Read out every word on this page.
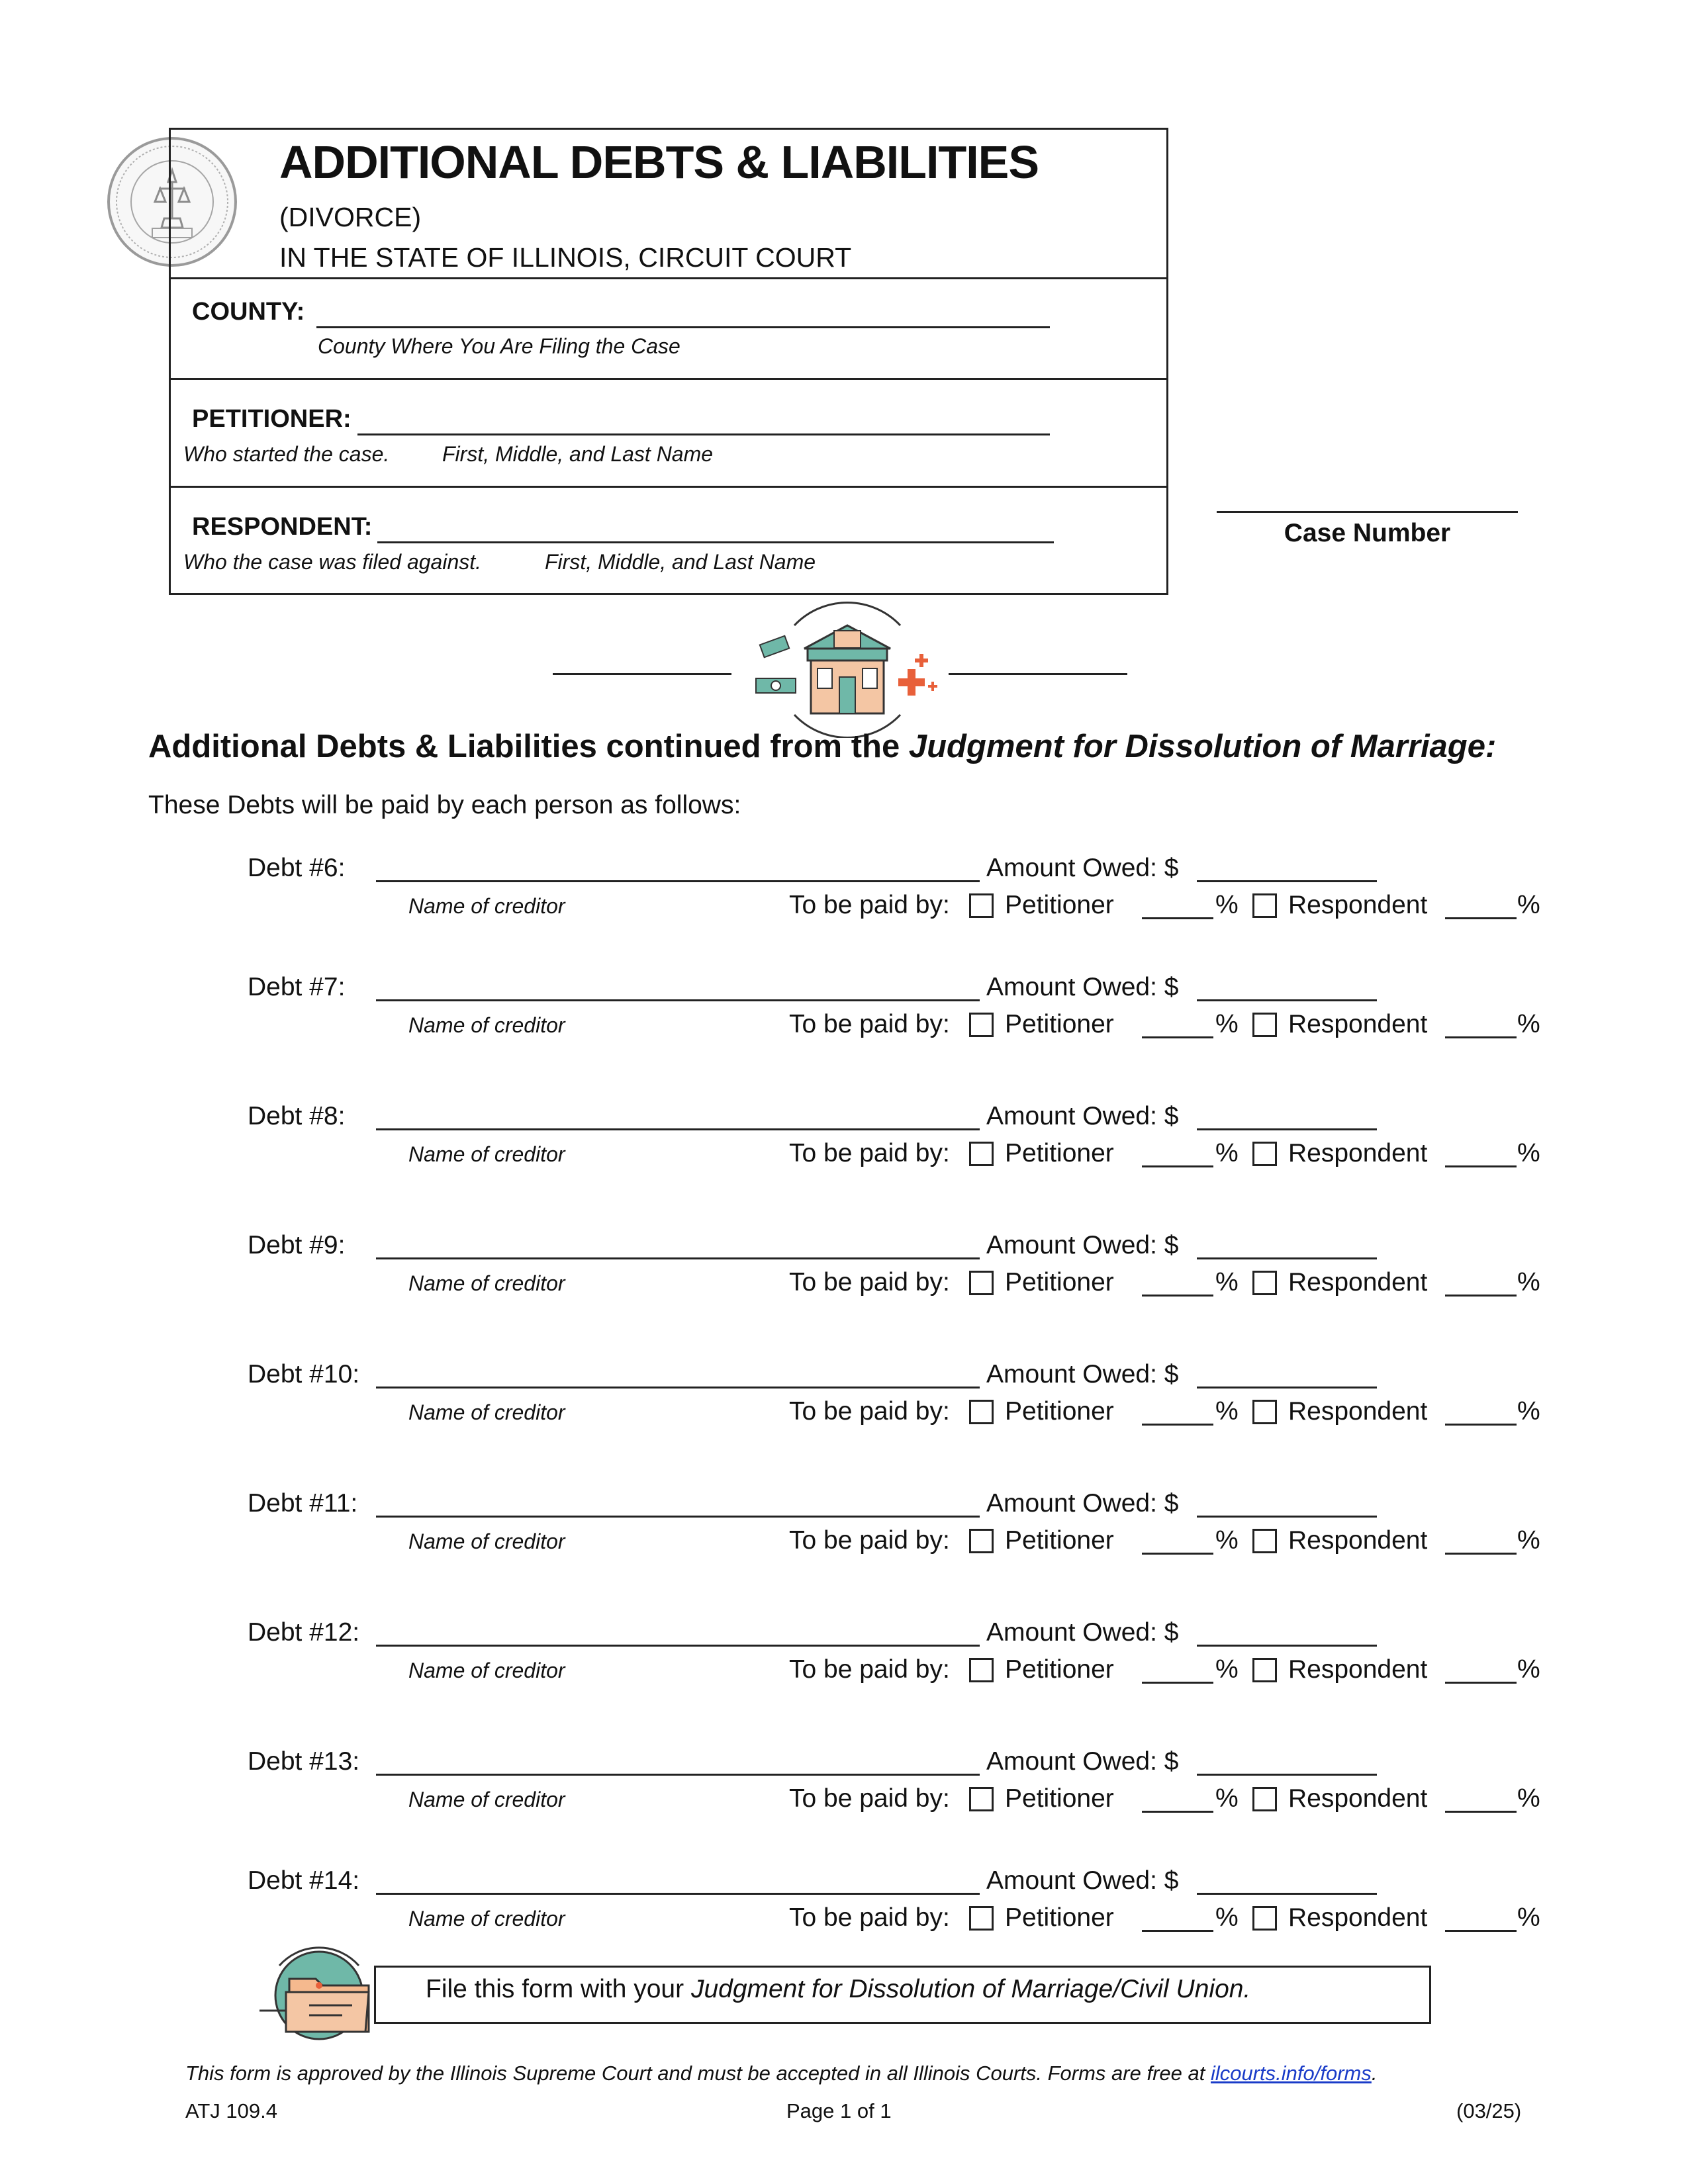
ADDITIONAL DEBTS & LIABILITIES
(DIVORCE)
IN THE STATE OF ILLINOIS, CIRCUIT COURT
COUNTY:
County Where You Are Filing the Case
PETITIONER:
Who started the case. First, Middle, and Last Name
RESPONDENT:
Who the case was filed against.	First, Middle, and Last Name
Case Number
Additional Debts & Liabilities continued from the Judgment for Dissolution of Marriage:
These Debts will be paid by each person as follows:
Debt #6:	Amount Owed: $
Name of creditor	To be paid by: Petitioner	% Respondent	%
Debt #7:	Amount Owed: $
Name of creditor	To be paid by: Petitioner	% Respondent	%
Debt #8:	Amount Owed: $
Name of creditor	To be paid by: Petitioner	% Respondent	%
Debt #9:	Amount Owed: $
Name of creditor	To be paid by: Petitioner	% Respondent	%
Debt #10:	Amount Owed: $
Name of creditor	To be paid by: Petitioner	% Respondent	%
Debt #11:	Amount Owed: $
Name of creditor	To be paid by: Petitioner	% Respondent	%
Debt #12:	Amount Owed: $
Name of creditor	To be paid by: Petitioner	% Respondent	%
Debt #13:	Amount Owed: $
Name of creditor	To be paid by: Petitioner	% Respondent	%
Debt #14:	Amount Owed: $
Name of creditor	To be paid by: Petitioner	% Respondent	%
File this form with your Judgment for Dissolution of Marriage/Civil Union.
This form is approved by the Illinois Supreme Court and must be accepted in all Illinois Courts. Forms are free at ilcourts.info/forms.
ATJ 109.4	Page 1 of 1	(03/25)
